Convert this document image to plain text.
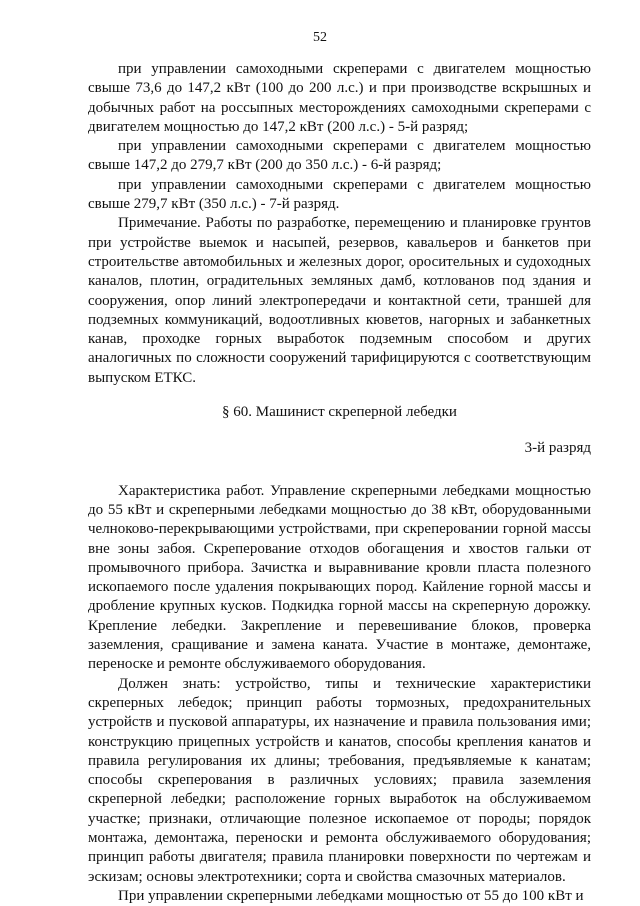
52

при управлении самоходными скреперами с двигателем мощностью свыше 73,6 до 147,2 кВт (100 до 200 л.с.) и при производстве вскрышных и добычных работ на россыпных месторождениях самоходными скреперами с двигателем мощностью до 147,2 кВт (200 л.с.) - 5-й разряд;

при управлении самоходными скреперами с двигателем мощностью свыше 147,2 до 279,7 кВт (200 до 350 л.с.) - 6-й разряд;

при управлении самоходными скреперами с двигателем мощностью свыше 279,7 кВт (350 л.с.) - 7-й разряд.

Примечание. Работы по разработке, перемещению и планировке грунтов при устройстве выемок и насыпей, резервов, кавальеров и банкетов при строительстве автомобильных и железных дорог, оросительных и судоходных каналов, плотин, оградительных земляных дамб, котлованов под здания и сооружения, опор линий электропередачи и контактной сети, траншей для подземных коммуникаций, водоотливных кюветов, нагорных и забанкетных канав, проходке горных выработок подземным способом и других аналогичных по сложности сооружений тарифицируются с соответствующим выпуском ЕТКС.

§ 60. Машинист скреперной лебедки

3-й разряд

Характеристика работ. Управление скреперными лебедками мощностью до 55 кВт и скреперными лебедками мощностью до 38 кВт, оборудованными челноково-перекрывающими устройствами, при скреперовании горной массы вне зоны забоя. Скреперование отходов обогащения и хвостов гальки от промывочного прибора. Зачистка и выравнивание кровли пласта полезного ископаемого после удаления покрывающих пород. Кайление горной массы и дробление крупных кусков. Подкидка горной массы на скреперную дорожку. Крепление лебедки. Закрепление и перевешивание блоков, проверка заземления, сращивание и замена каната. Участие в монтаже, демонтаже, переноске и ремонте обслуживаемого оборудования.

Должен знать: устройство, типы и технические характеристики скреперных лебедок; принцип работы тормозных, предохранительных устройств и пусковой аппаратуры, их назначение и правила пользования ими; конструкцию прицепных устройств и канатов, способы крепления канатов и правила регулирования их длины; требования, предъявляемые к канатам; способы скреперования в различных условиях; правила заземления скреперной лебедки; расположение горных выработок на обслуживаемом участке; признаки, отличающие полезное ископаемое от породы; порядок монтажа, демонтажа, переноски и ремонта обслуживаемого оборудования; принцип работы двигателя; правила планировки поверхности по чертежам и эскизам; основы электротехники; сорта и свойства смазочных материалов.

При управлении скреперными лебедками мощностью от 55 до 100 кВт и
